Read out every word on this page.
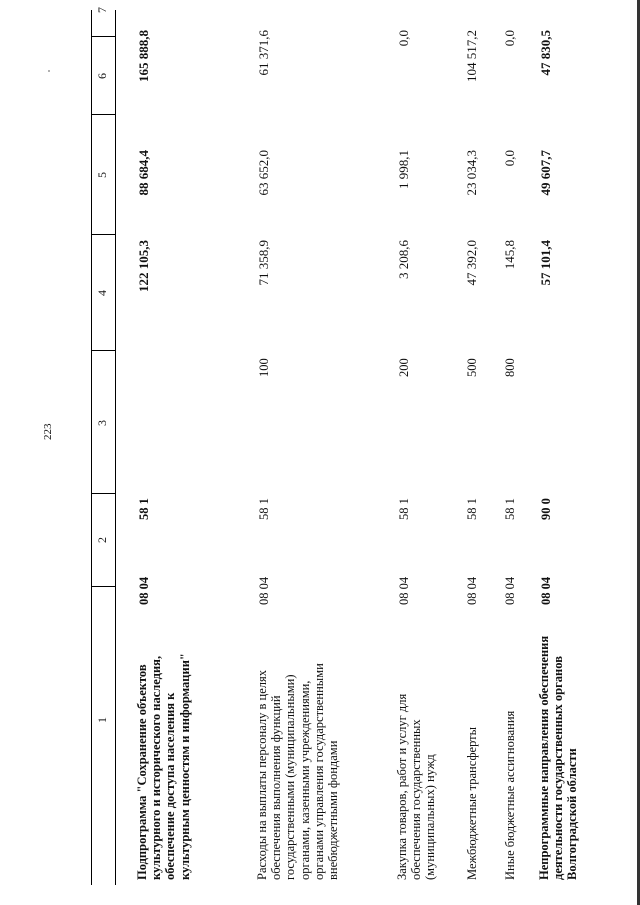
223
1
2
3
4
5
6
7
Подпрограмма "Сохранение объектов культурного и исторического наследия, обеспечение доступа населения к культурным ценностям и информации"
08 04
58 1
122 105,3
88 684,4
165 888,8
Расходы на выплаты персоналу в целях обеспечения выполнения функций государственными (муниципальными) органами, казенными учреждениями, органами управления государственными внебюджетными фондами
08 04
58 1
100
71 358,9
63 652,0
61 371,6
Закупка товаров, работ и услуг для обеспечения государственных (муниципальных) нужд
08 04
58 1
200
3 208,6
1 998,1
0,0
Межбюджетные трансферты
08 04
58 1
500
47 392,0
23 034,3
104 517,2
Иные бюджетные ассигнования
08 04
58 1
800
145,8
0,0
0,0
Непрограммные направления обеспечения деятельности государственных органов Волгоградской области
08 04
90 0
57 101,4
49 607,7
47 830,5
